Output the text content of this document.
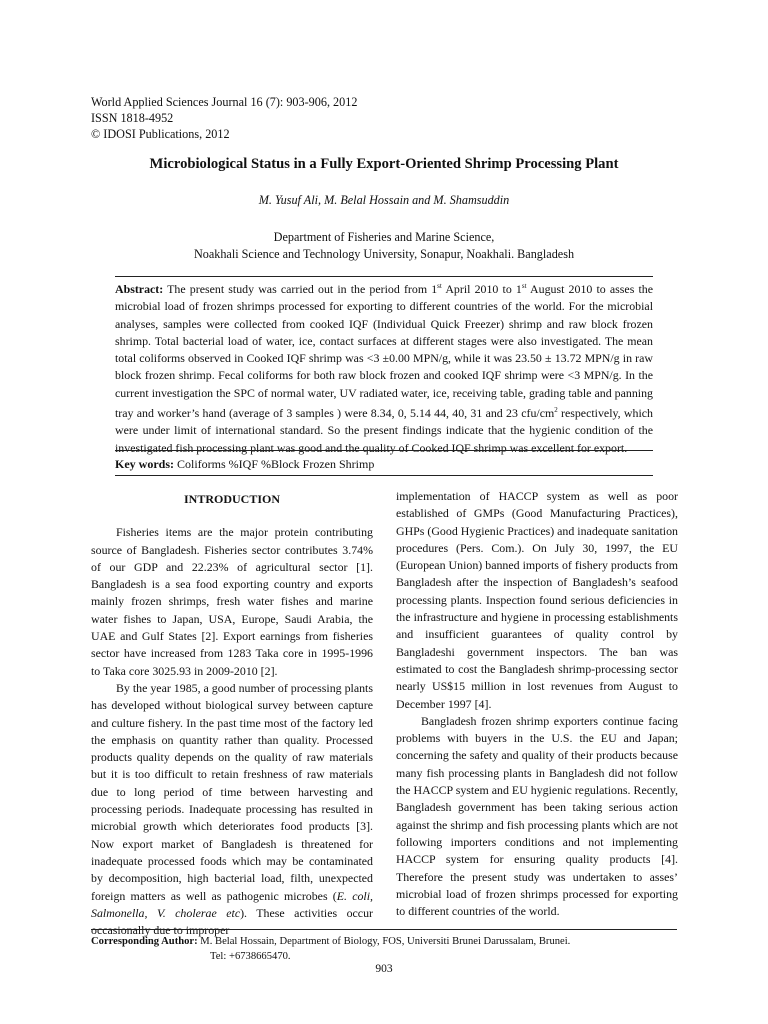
World Applied Sciences Journal 16 (7): 903-906, 2012
ISSN 1818-4952
© IDOSI Publications, 2012
Microbiological Status in a Fully Export-Oriented Shrimp Processing Plant
M. Yusuf Ali, M. Belal Hossain and M. Shamsuddin
Department of Fisheries and Marine Science,
Noakhali Science and Technology University, Sonapur, Noakhali. Bangladesh
Abstract: The present study was carried out in the period from 1st April 2010 to 1st August 2010 to asses the microbial load of frozen shrimps processed for exporting to different countries of the world. For the microbial analyses, samples were collected from cooked IQF (Individual Quick Freezer) shrimp and raw block frozen shrimp. Total bacterial load of water, ice, contact surfaces at different stages were also investigated. The mean total coliforms observed in Cooked IQF shrimp was <3 ±0.00 MPN/g, while it was 23.50 ± 13.72 MPN/g in raw block frozen shrimp. Fecal coliforms for both raw block frozen and cooked IQF shrimp were <3 MPN/g. In the current investigation the SPC of normal water, UV radiated water, ice, receiving table, grading table and panning tray and worker’s hand (average of 3 samples ) were 8.34, 0, 5.14 44, 40, 31 and 23 cfu/$cm^2$ respectively, which were under limit of international standard. So the present findings indicate that the hygienic condition of the investigated fish processing plant was good and the quality of Cooked IQF shrimp was excellent for export.
Key words: Coliforms %IQF %Block Frozen Shrimp
INTRODUCTION

Fisheries items are the major protein contributing source of Bangladesh. Fisheries sector contributes 3.74% of our GDP and 22.23% of agricultural sector [1]. Bangladesh is a sea food exporting country and exports mainly frozen shrimps, fresh water fishes and marine water fishes to Japan, USA, Europe, Saudi Arabia, the UAE and Gulf States [2]. Export earnings from fisheries sector have increased from 1283 Taka core in 1995-1996 to Taka core 3025.93 in 2009-2010 [2].

By the year 1985, a good number of processing plants has developed without biological survey between capture and culture fishery. In the past time most of the factory led the emphasis on quantity rather than quality. Processed products quality depends on the quality of raw materials but it is too difficult to retain freshness of raw materials due to long period of time between harvesting and processing periods. Inadequate processing has resulted in microbial growth which deteriorates food products [3]. Now export market of Bangladesh is threatened for inadequate processed foods which may be contaminated by decomposition, high bacterial load, filth, unexpected foreign matters as well as pathogenic microbes (E. coli, Salmonella, V. cholerae etc). These activities occur occasionally due to improper

implementation of HACCP system as well as poor established of GMPs (Good Manufacturing Practices), GHPs (Good Hygienic Practices) and inadequate sanitation procedures (Pers. Com.). On July 30, 1997, the EU (European Union) banned imports of fishery products from Bangladesh after the inspection of Bangladesh’s seafood processing plants. Inspection found serious deficiencies in the infrastructure and hygiene in processing establishments and insufficient guarantees of quality control by Bangladeshi government inspectors. The ban was estimated to cost the Bangladesh shrimp-processing sector nearly US$15 million in lost revenues from August to December 1997 [4].

Bangladesh frozen shrimp exporters continue facing problems with buyers in the U.S. the EU and Japan; concerning the safety and quality of their products because many fish processing plants in Bangladesh did not follow the HACCP system and EU hygienic regulations. Recently, Bangladesh government has been taking serious action against the shrimp and fish processing plants which are not following importers conditions and not implementing HACCP system for ensuring quality products [4]. Therefore the present study was undertaken to asses’ microbial load of frozen shrimps processed for exporting to different countries of the world.

Corresponding Author: M. Belal Hossain, Department of Biology, FOS, Universiti Brunei Darussalam, Brunei.
Tel: +6738665470.
903
